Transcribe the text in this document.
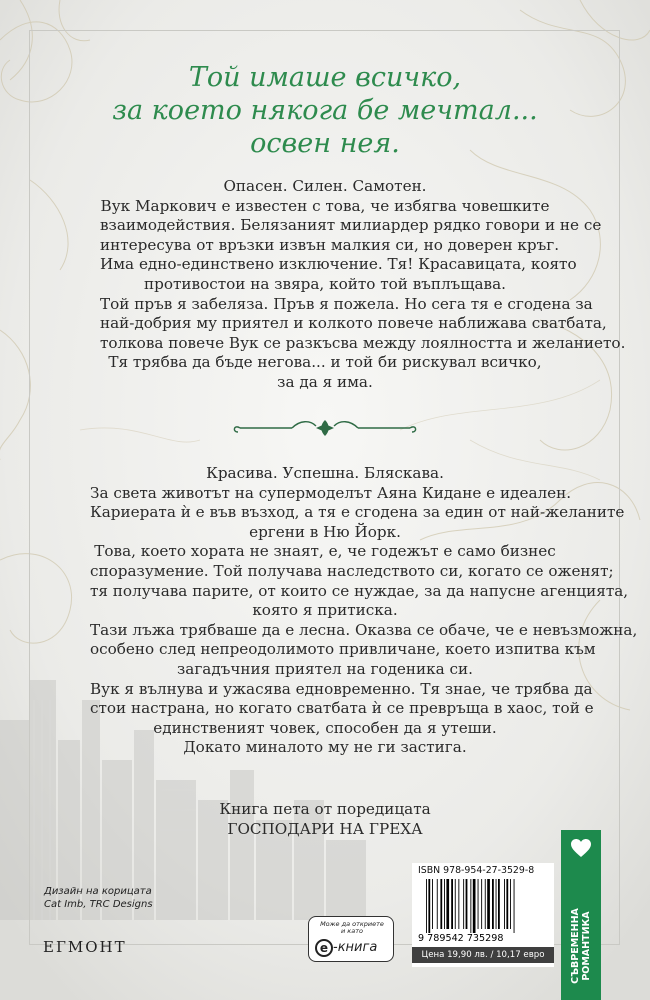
Той имаше всичко,
за което някога бе мечтал...
освен нея.
Опасен. Силен. Самотен.
Вук Маркович е известен с това, че избягва човешките
взаимодействия. Белязаният милиардер рядко говори и не се
интересува от връзки извън малкия си, но доверен кръг.
Има едно-единствено изключение. Тя! Красавицата, която
противостои на звяра, който той въплъщава.
Той пръв я забеляза. Пръв я пожела. Но сега тя е сгодена за
най-добрия му приятел и колкото повече наближава сватбата,
толкова повече Вук се разкъсва между лоялността и желанието.
Тя трябва да бъде негова... и той би рискувал всичко,
за да я има.
Красива. Успешна. Бляскава.
За света животът на супермоделът Аяна Кидане е идеален.
Кариерата ѝ е във възход, а тя е сгодена за един от най-желаните
ергени в Ню Йорк.
Това, което хората не знаят, е, че годежът е само бизнес
споразумение. Той получава наследството си, когато се оженят;
тя получава парите, от които се нуждае, за да напусне агенцията,
която я притиска.
Тази лъжа трябваше да е лесна. Оказва се обаче, че е невъзможна,
особено след непреодолимото привличане, което изпитва към
загадъчния приятел на годеника си.
Вук я вълнува и ужасява едновременно. Тя знае, че трябва да
стои настрана, но когато сватбата ѝ се превръща в хаос, той е
единственият човек, способен да я утеши.
Докато миналото му не ги застига.
Книга пета от поредицата
ГОСПОДАРИ НА ГРЕХА
Дизайн на корицата
Cat Imb, TRC Designs
ЕГМОНТ
Може да откриете
и като
e -книга
ISBN 978-954-27-3529-8
9 789542 735298
Цена 19,90 лв. / 10,17 евро	СЪВРЕМЕННА РОМАНТИКА
